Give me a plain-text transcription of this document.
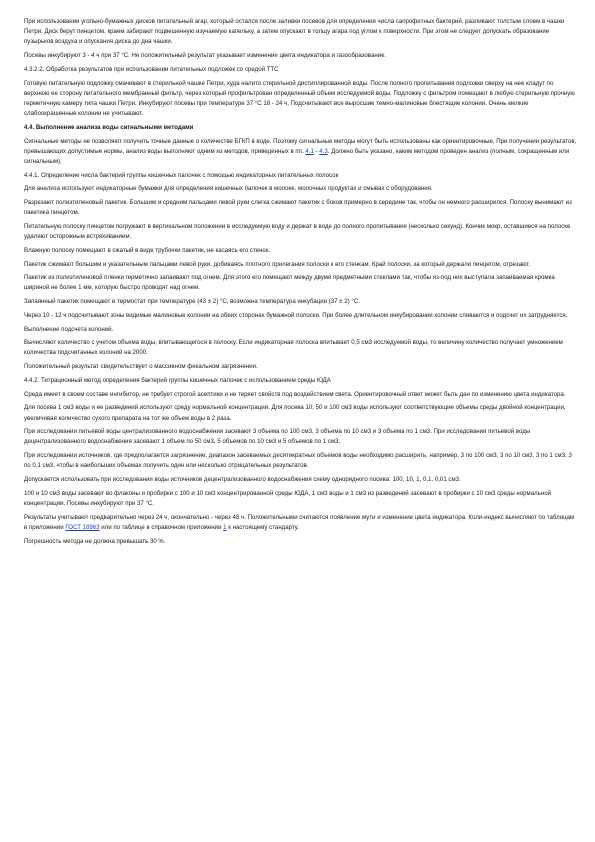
При использовании угольно-бумажных дисков питательный агар, который остался после заливки посевов для определения числа сапрофитных бактерий, разливают толстым слоем в чашки Петри. Диск берут пинцетом, краем забирают подвешенную изучаемую капельку, а затем опускают в толщу агара под углом к поверхности. При этом не следует допускать образование пузырьков воздуха и опускания диска до дна чашки.

Посевы инкубируют 3 - 4 ч при 37 °C. Не положительный результат указывает изменение цвета индикатора и газообразование.

4.3.2.2. Обработка результатов при использовании питательных подложек со средой ТТС

Готовую питательную подложку смачивают в стерильной чашке Петри, куда налито стерильной дистиллированной воды. После полного пропитывания подложки сверху на нее кладут по верхнюю ее сторону питательного мембранный фильтр, через который профильтрован определенный объем исследуемой воды. Подложку с фильтром помещают в любую стерильную прочную герметичную камеру типа чашки Петри. Инкубируют посевы при температуре 37 °C 18 - 24 ч. Подсчитывают все выросшие темно-малиновые блестящие колонии. Очень мелкие слабоокрашенные колонии не учитывают.

4.4. Выполнение анализа воды сигнальными методами

Сигнальные методы не позволяют получить точные данные о количестве БГКП в воде. Поэтому сигнальные методы могут быть использованы как ориентировочные. При получении результатов, превышающих допустимые нормы, анализ воды выполняют одним из методов, приведенных в пп. 4.1 - 4.3. Должно быть указано, каким методом проведен анализ (полным, сокращенным или сигнальным).

4.4.1. Определение числа бактерий группы кишечных палочек с помощью индикаторных питательных полосок

Для анализа используют индикаторные бумажки для определения кишечных палочек в молоке, молочных продуктах и смывах с оборудования.

Разрезают полиэтиленовый пакетик. Большим и средним пальцами левой руки слегка сжимают пакетик с боков примерно в середине так, чтобы он немного расширился. Полоску вынимают из пакетика пинцетом.

Питательную полоску пинцетом погружают в вертикальном положении в исследуемую воду и держат в воде до полного пропитывания (несколько секунд). Кончик мокр, оставшиеся на полоске удаляют осторожным встряхиванием.

Влажную полоску помещают в сжатый в виде трубочки пакетик, не касаясь его стенок.

Пакетик сжимают большим и указательным пальцами левой руки, добиваясь плотного прилегания полоски к его стенкам. Край полоски, за который держали пинцетом, отрезают.

Пакетик из полиэтиленовой пленки герметично запаивают под огнем. Для этого его помещают между двумя предметными стеклами так, чтобы из-под них выступала запаиваемая кромка шириной не более 1 мм, которую быстро проводят над огнем.

Запаянный пакетик помещают в термостат при температуре (43 ± 2) °C, возможна температура инкубации (37 ± 2) °C.

Через 10 - 12 ч подсчитывают зоны видимые малиновые колонии на обеих сторонах бумажной полоски. При более длительном инкубировании колонии сливаются и подсчет их затрудняется.

Выполнение подсчета колоний.

Вычисляют количество с учетом объема воды, впитывающегося в полоску. Если индикаторная полоска впитывает 0,5 см3 исследуемой воды, то величину количество получает умножением количества подсчитанных колоний на 2000.

Положительный результат свидетельствует о массивном фекальном загрязнении.

4.4.2. Титрационный метод определения бактерий группы кишечных палочек с использованием среды ЮДА

Среда имеет в своем составе ингибитор, не требует строгой асептики и не теряет свойств под воздействием света. Ориентировочный ответ может быть дан по изменению цвета индикатора.

Для посева 1 см3 воды и ее разведений используют среду нормальной концентрации. Для посева 10, 50 и 100 см3 воды используют соответствующие объемы среды двойной концентрации, увеличивая количество сухого препарата на тот же объем воды в 2 раза.

При исследовании питьевой воды централизованного водоснабжения засевают 3 объема по 100 см3, 3 объема по 10 см3 и 3 объема по 1 см3. При исследовании питьевой воды децентрализованного водоснабжения засевают 1 объем по 50 см3, 5 объемов по 10 см3 и 5 объемов по 1 см3.

При исследовании источников, где предполагается загрязнение, диапазон засеваемых десятикратных объемов воды необходимо расширить, например, 3 по 100 см3, 3 по 10 см3, 3 по 1 см3, 3 по 0,1 см3, чтобы в наибольших объемах получить один или несколько отрицательных результатов.

Допускается использовать при исследовании воды источников децентрализованного водоснабжения схему однорядного посева: 100, 10, 1, 0,1, 0,01 см3.

100 и 10 см3 воды засевают во флаконы и пробирки с 100 и 10 см3 концентрированной среды ЮДА, 1 см3 воды и 1 см3 из разведений засевают в пробирки с 10 см3 среды нормальной концентрации. Посевы инкубируют при 37 °C.

Результаты учитывают предварительно через 24 ч, окончательно - через 48 ч. Положительными считаются появление мути и изменение цвета индикатора. Коли-индекс вычисляют по таблицам в приложении ГОСТ 18963 или по таблице в справочном приложении 1 к настоящему стандарту.

Погрешность метода не должна превышать 30 %.
